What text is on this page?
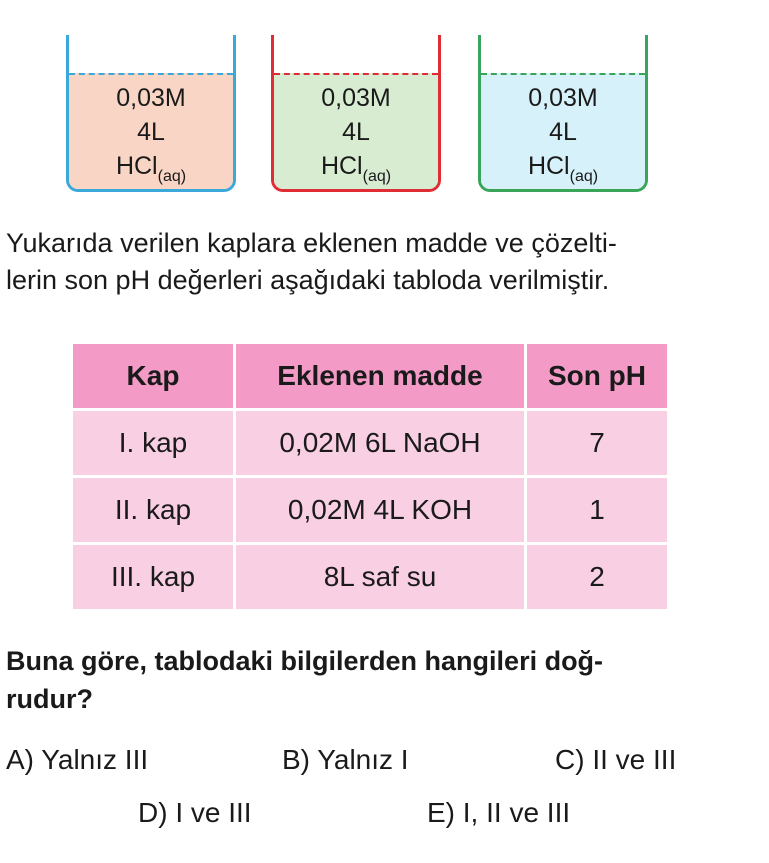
0,03M
4L
HCl$_{(aq)}$
0,03M
4L
HCl$_{(aq)}$
0,03M
4L
HCl$_{(aq)}$
Yukarıda verilen kaplara eklenen madde ve çözelti-
lerin son pH değerleri aşağıdaki tabloda verilmiştir.
Kap	Eklenen madde	Son pH
I. kap	0,02M 6L NaOH	7
II. kap	0,02M 4L KOH	1
III. kap	8L saf su	2
Buna göre, tablodaki bilgilerden hangileri doğ-
rudur?
A) Yalnız III	B) Yalnız I	C) II ve III
D) I ve III	E) I, II ve III
